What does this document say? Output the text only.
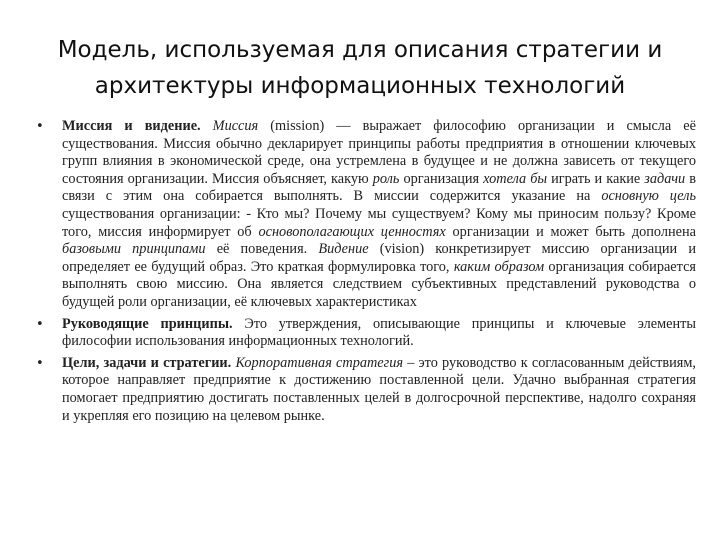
Модель, используемая для описания стратегии и
архитектуры информационных технологий
• Миссия и видение. Миссия (mission) — выражает философию организации и смысла её существования. Миссия обычно декларирует принципы работы предприятия в отношении ключевых групп влияния в экономической среде, она устремлена в будущее и не должна зависеть от текущего состояния организации. Миссия объясняет, какую роль организация хотела бы играть и какие задачи в связи с этим она собирается выполнять. В миссии содержится указание на основную цель существования организации: - Кто мы? Почему мы существуем? Кому мы приносим пользу? Кроме того, миссия информирует об основополагающих ценностях организации и может быть дополнена базовыми принципами её поведения. Видение (vision) конкретизирует миссию организации и определяет ее будущий образ. Это краткая формулировка того, каким образом организация собирается выполнять свою миссию. Она является следствием субъективных представлений руководства о будущей роли организации, её ключевых характеристиках

• Руководящие принципы. Это утверждения, описывающие принципы и ключевые элементы философии использования информационных технологий.

• Цели, задачи и стратегии. Корпоративная стратегия – это руководство к согласованным действиям, которое направляет предприятие к достижению поставленной цели. Удачно выбранная стратегия помогает предприятию достигать поставленных целей в долгосрочной перспективе, надолго сохраняя и укрепляя его позицию на целевом рынке.
